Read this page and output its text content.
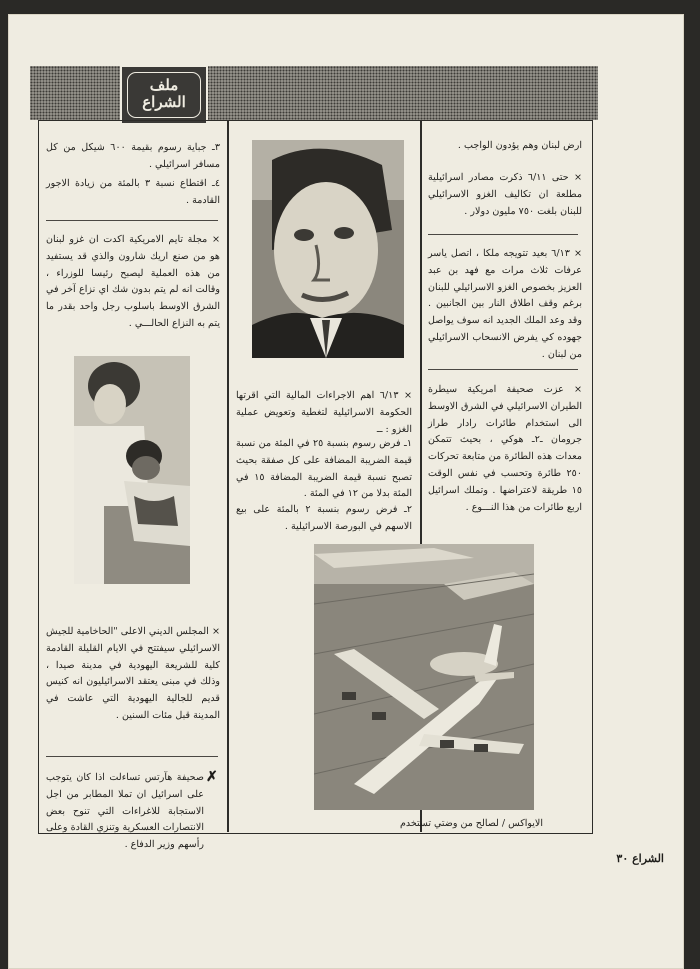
ملف
الشراع
ارض لبنان وهم يؤدون الواجب .
× حتى ٦/١١ ذكرت مصادر اسرائيلية مطلعة ان تكاليف الغزو الاسرائيلي للبنان بلغت ٧٥٠ مليون دولار .
× ٦/١٣ بعيد تتويجه ملكا ، اتصل ياسر عرفات ثلاث مرات مع فهد بن عبد العزيز بخصوص الغزو الاسرائيلي للبنان برغم وقف اطلاق النار بين الجانبين . وقد وعد الملك الجديد انه سوف يواصل جهوده كي يفرض الانسحاب الاسرائيلي من لبنان .
× عزت صحيفة امريكية سيطرة الطيران الاسرائيلي في الشرق الاوسط الى استخدام طائرات رادار طراز جرومان ـ٢ـ هوكي ، بحيث تتمكن معدات هذه الطائرة من متابعة تحركات ٢٥٠ طائرة وتحسب في نفس الوقت ١٥ طريقة لاعتراضها . وتملك اسرائيل اربع طائرات من هذا النـــوع .
× ٦/١٣ اهم الاجراءات المالية التي اقرتها الحكومة الاسرائيلية لتغطية وتعويض عملية الغزو : ــ
١ـ فرض رسوم بنسبة ٢٥ في المئة من نسبة قيمة الضريبة المضافة على كل صفقة بحيث تصبح نسبة قيمة الضريبة المضافة ١٥ في المئة بدلا من ١٢ في المئة .
٢ـ فرض رسوم بنسبة ٢ بالمئة على بيع الاسهم في البورصة الاسرائيلية .
الايواكس / لصالح من وضتي تستخدم
٣ـ جباية رسوم بقيمة ٦٠٠ شيكل من كل مسافر اسرائيلي .
٤ـ اقتطاع نسبة ٣ بالمئة من زيادة الاجور القادمة .
× مجلة تايم الامريكية اكدت ان غزو لبنان هو من صنع اريك شارون والذي قد يستفيد من هذه العملية ليصبح رئيسا للوزراء ، وقالت انه لم يتم بدون شك اي نزاع آخر في الشرق الاوسط باسلوب رجل واحد بقدر ما يتم به النزاع الحالـــي .
× المجلس الديني الاعلى "الحاخامية للجيش الاسرائيلي سيفتتح في الايام القليلة القادمة كلية للشريعة اليهودية في مدينة صيدا ، وذلك في مبنى يعتقد الاسرائيليون انه كنيس قديم للجالية اليهودية التي عاشت في المدينة قبل مئات السنين .
✗
صحيفة هآرتس تساءلت اذا كان يتوجب على اسرائيل ان تملا المطابر من اجل الاستجابة للاغراءات التي تنوح بعض الانتصارات العسكرية وتنزي القادة وعلى رأسهم وزير الدفاع .
الشراع ٣٠
